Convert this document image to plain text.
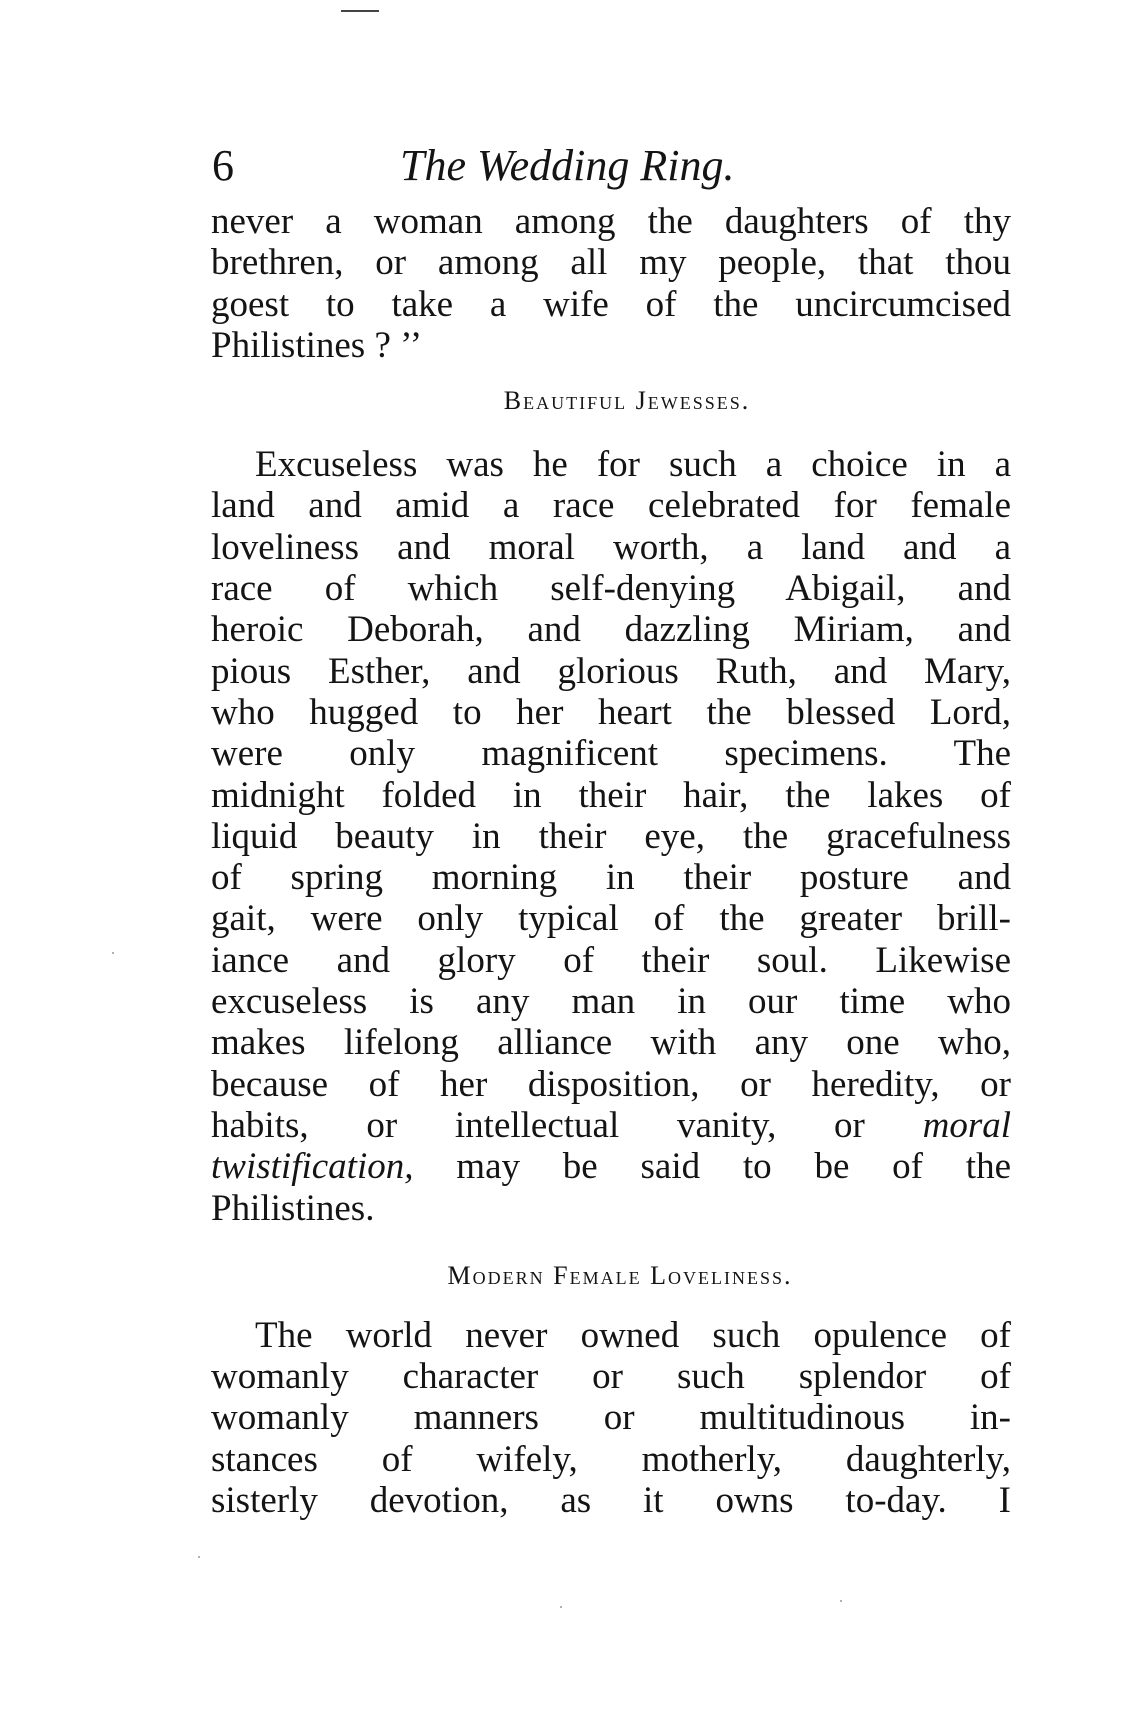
6	The Wedding Ring.
never a woman among the daughters of thy
brethren, or among all my people, that thou
goest to take a wife of the uncircumcised
Philistines ? ’’
Beautiful Jewesses.
Excuseless was he for such a choice in a
land and amid a race celebrated for female
loveliness and moral worth, a land and a
race of which self-denying Abigail, and
heroic Deborah, and dazzling Miriam, and
pious Esther, and glorious Ruth, and Mary,
who hugged to her heart the blessed Lord,
were only magnificent specimens. The
midnight folded in their hair, the lakes of
liquid beauty in their eye, the gracefulness
of spring morning in their posture and
gait, were only typical of the greater brill-
iance and glory of their soul. Likewise
excuseless is any man in our time who
makes lifelong alliance with any one who,
because of her disposition, or heredity, or
habits, or intellectual vanity, or moral
twistification, may be said to be of the
Philistines.
Modern Female Loveliness.
The world never owned such opulence of
womanly character or such splendor of
womanly manners or multitudinous in-
stances of wifely, motherly, daughterly,
sisterly devotion, as it owns to-day. I
